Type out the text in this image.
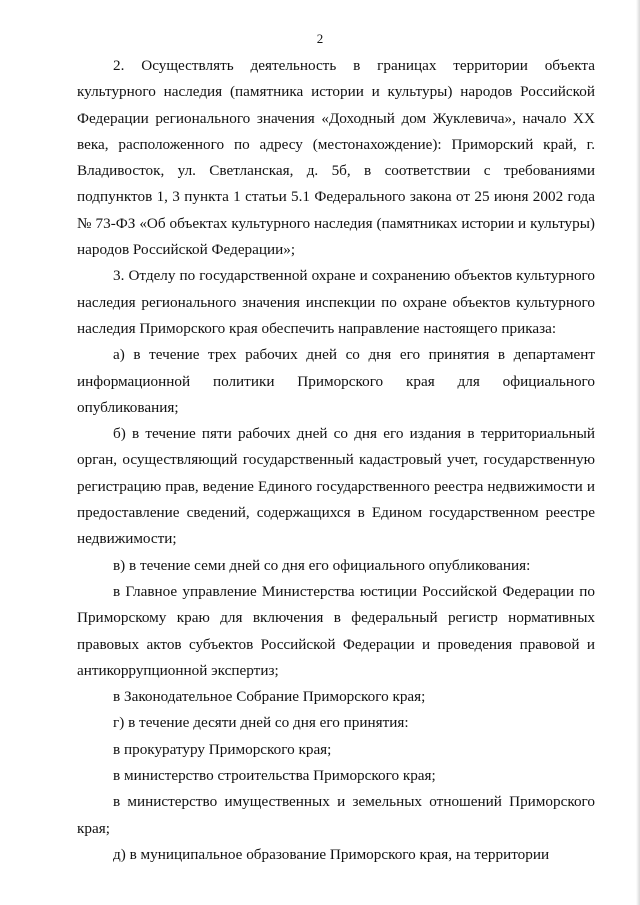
2

2. Осуществлять деятельность в границах территории объекта культурного наследия (памятника истории и культуры) народов Российской Федерации регионального значения «Доходный дом Жуклевича», начало XX века, расположенного по адресу (местонахождение): Приморский край, г. Владивосток, ул. Светланская, д. 5б, в соответствии с требованиями подпунктов 1, 3 пункта 1 статьи 5.1 Федерального закона от 25 июня 2002 года № 73-ФЗ «Об объектах культурного наследия (памятниках истории и культуры) народов Российской Федерации»;

3. Отделу по государственной охране и сохранению объектов культурного наследия регионального значения инспекции по охране объектов культурного наследия Приморского края обеспечить направление настоящего приказа:

а) в течение трех рабочих дней со дня его принятия в департамент информационной политики Приморского края для официального опубликования;

б) в течение пяти рабочих дней со дня его издания в территориальный орган, осуществляющий государственный кадастровый учет, государственную регистрацию прав, ведение Единого государственного реестра недвижимости и предоставление сведений, содержащихся в Едином государственном реестре недвижимости;

в) в течение семи дней со дня его официального опубликования:

в Главное управление Министерства юстиции Российской Федерации по Приморскому краю для включения в федеральный регистр нормативных правовых актов субъектов Российской Федерации и проведения правовой и антикоррупционной экспертиз;

в Законодательное Собрание Приморского края;

г) в течение десяти дней со дня его принятия:

в прокуратуру Приморского края;

в министерство строительства Приморского края;

в министерство имущественных и земельных отношений Приморского края;

д) в муниципальное образование Приморского края, на территории
